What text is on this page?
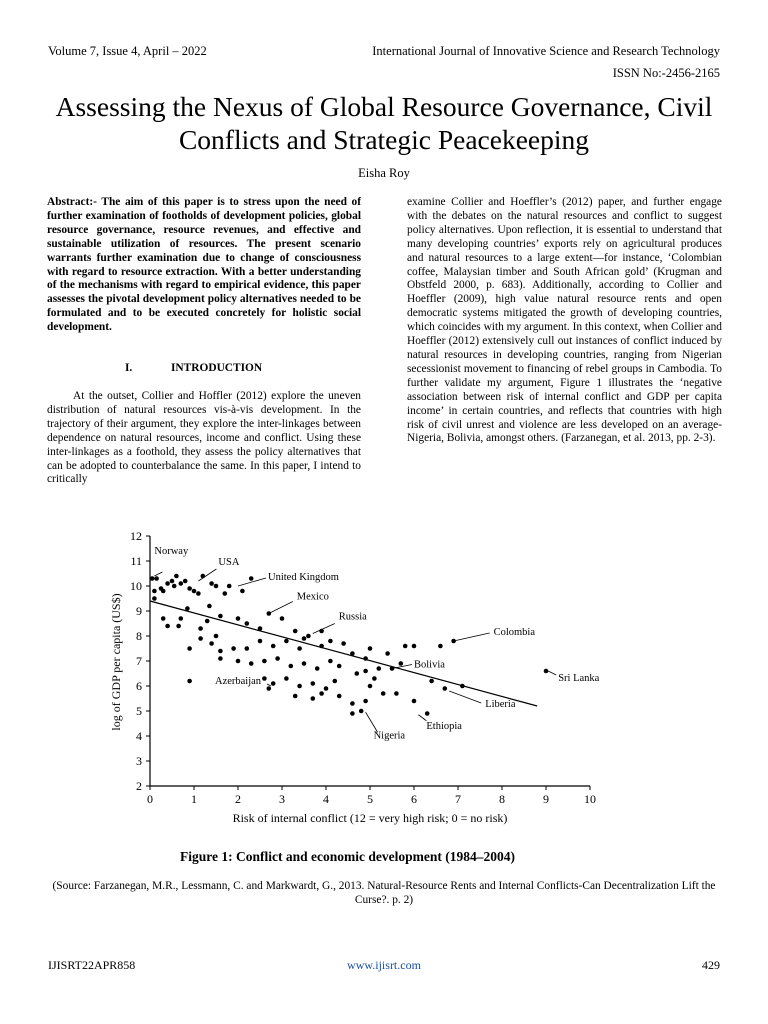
Volume 7, Issue 4, April – 2022	International Journal of Innovative Science and Research Technology
ISSN No:-2456-2165
Assessing the Nexus of Global Resource Governance, Civil Conflicts and Strategic Peacekeeping
Eisha Roy
Abstract:- The aim of this paper is to stress upon the need of further examination of footholds of development policies, global resource governance, resource revenues, and effective and sustainable utilization of resources. The present scenario warrants further examination due to change of consciousness with regard to resource extraction. With a better understanding of the mechanisms with regard to empirical evidence, this paper assesses the pivotal development policy alternatives needed to be formulated and to be executed concretely for holistic social development.
I.	INTRODUCTION
At the outset, Collier and Hoffler (2012) explore the uneven distribution of natural resources vis-à-vis development. In the trajectory of their argument, they explore the inter-linkages between dependence on natural resources, income and conflict. Using these inter-linkages as a foothold, they assess the policy alternatives that can be adopted to counterbalance the same. In this paper, I intend to critically
examine Collier and Hoeffler’s (2012) paper, and further engage with the debates on the natural resources and conflict to suggest policy alternatives. Upon reflection, it is essential to understand that many developing countries’ exports rely on agricultural produces and natural resources to a large extent—for instance, ‘Colombian coffee, Malaysian timber and South African gold’ (Krugman and Obstfeld 2000, p. 683). Additionally, according to Collier and Hoeffler (2009), high value natural resource rents and open democratic systems mitigated the growth of developing countries, which coincides with my argument. In this context, when Collier and Hoeffler (2012) extensively cull out instances of conflict induced by natural resources in developing countries, ranging from Nigerian secessionist movement to financing of rebel groups in Cambodia. To further validate my argument, Figure 1 illustrates the ‘negative association between risk of internal conflict and GDP per capita income’ in certain countries, and reflects that countries with high risk of civil unrest and violence are less developed on an average-Nigeria, Bolivia, amongst others. (Farzanegan, et al. 2013, pp. 2-3).
0	1	2	3	4	5	6	7	8	9	10
2
3
4
5
6
7
8
9
10
11
12
Norway
USA
United Kingdom
Mexico
Russia
Colombia
Bolivia
Sri Lanka
Azerbaijan
Liberia
Nigeria
Ethiopia
Risk of internal conflict (12 = very high risk; 0 = no risk)
log of GDP per capita (US$)
Figure 1: Conflict and economic development (1984–2004)
(Source: Farzanegan, M.R., Lessmann, C. and Markwardt, G., 2013. Natural-Resource Rents and Internal Conflicts-Can Decentralization Lift the Curse?. p. 2)
IJISRT22APR858	www.ijisrt.com	429
